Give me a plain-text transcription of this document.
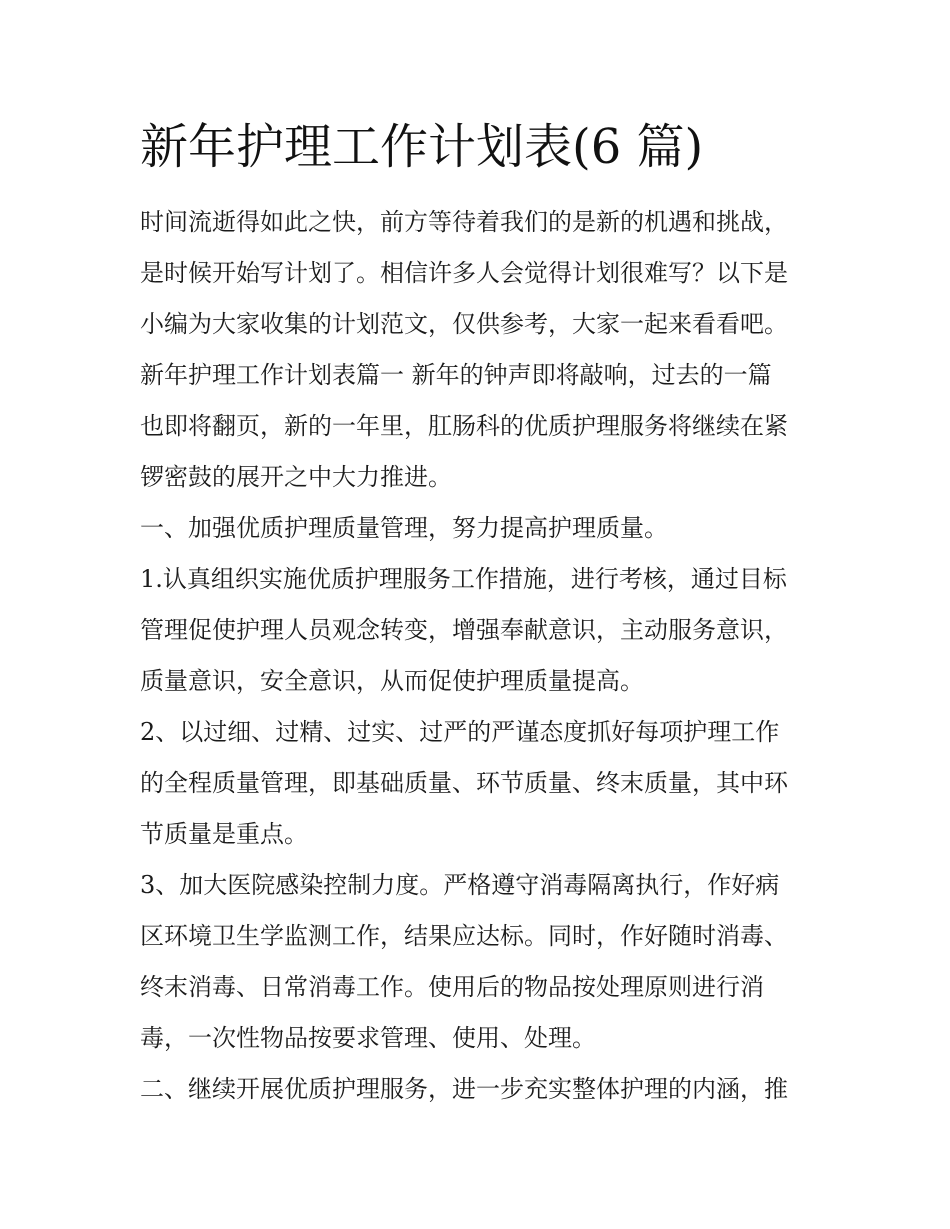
新年护理工作计划表(6 篇)
时间流逝得如此之快，前方等待着我们的是新的机遇和挑战，
是时候开始写计划了。相信许多人会觉得计划很难写？以下是
小编为大家收集的计划范文，仅供参考，大家一起来看看吧。
新年护理工作计划表篇一 新年的钟声即将敲响，过去的一篇
也即将翻页，新的一年里，肛肠科的优质护理服务将继续在紧
锣密鼓的展开之中大力推进。
一、加强优质护理质量管理，努力提高护理质量。
1.认真组织实施优质护理服务工作措施，进行考核，通过目标
管理促使护理人员观念转变，增强奉献意识，主动服务意识，
质量意识，安全意识，从而促使护理质量提高。
2、以过细、过精、过实、过严的严谨态度抓好每项护理工作
的全程质量管理，即基础质量、环节质量、终末质量，其中环
节质量是重点。
3、加大医院感染控制力度。严格遵守消毒隔离执行，作好病
区环境卫生学监测工作，结果应达标。同时，作好随时消毒、
终末消毒、日常消毒工作。使用后的物品按处理原则进行消
毒，一次性物品按要求管理、使用、处理。
二、继续开展优质护理服务，进一步充实整体护理的内涵，推
